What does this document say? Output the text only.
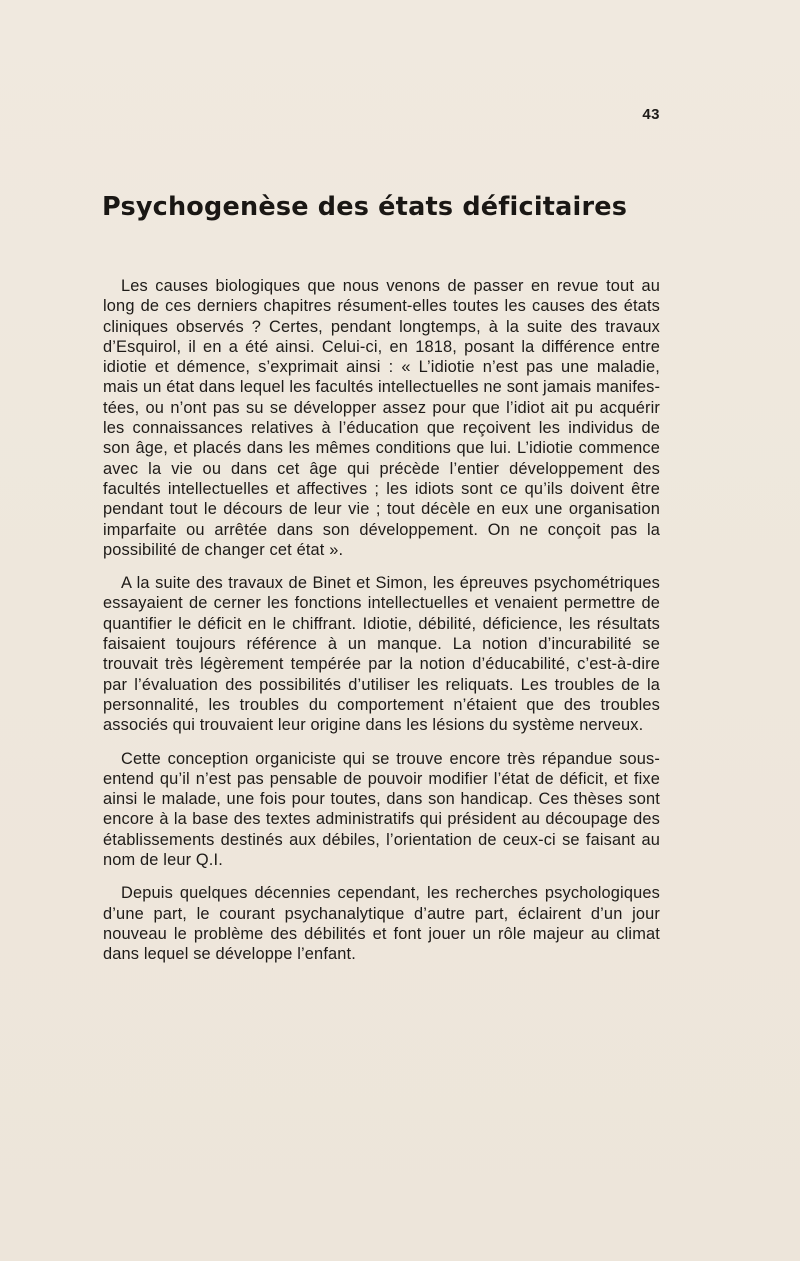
43
Psychogenèse des états déficitaires

Les causes biologiques que nous venons de passer en revue tout au long de ces derniers chapitres résument-elles toutes les causes des états cliniques observés ? Certes, pendant longtemps, à la suite des travaux d’Esquirol, il en a été ainsi. Celui-ci, en 1818, posant la différence entre idiotie et démence, s’exprimait ainsi : « L’idiotie n’est pas une maladie, mais un état dans lequel les facultés intellectuelles ne sont jamais manifestées, ou n’ont pas su se développer assez pour que l’idiot ait pu acquérir les connaissances relatives à l’éducation que reçoivent les individus de son âge, et placés dans les mêmes conditions que lui. L’idiotie commence avec la vie ou dans cet âge qui précède l’entier développement des facultés intellectuelles et affectives ; les idiots sont ce qu’ils doivent être pendant tout le décours de leur vie ; tout décèle en eux une organisation imparfaite ou arrêtée dans son développement. On ne conçoit pas la possibilité de changer cet état ».

A la suite des travaux de Binet et Simon, les épreuves psychométriques essayaient de cerner les fonctions intellectuelles et venaient permettre de quantifier le déficit en le chiffrant. Idiotie, débilité, déficience, les résultats faisaient toujours référence à un manque. La notion d’incurabilité se trouvait très légèrement tempérée par la notion d’éducabilité, c’est-à-dire par l’évaluation des possibilités d’utiliser les reliquats. Les troubles de la personnalité, les troubles du comportement n’étaient que des troubles associés qui trouvaient leur origine dans les lésions du système nerveux.

Cette conception organiciste qui se trouve encore très répandue sous-entend qu’il n’est pas pensable de pouvoir modifier l’état de déficit, et fixe ainsi le malade, une fois pour toutes, dans son handicap. Ces thèses sont encore à la base des textes administratifs qui président au découpage des établissements destinés aux débiles, l’orientation de ceux-ci se faisant au nom de leur Q.I.

Depuis quelques décennies cependant, les recherches psychologiques d’une part, le courant psychanalytique d’autre part, éclairent d’un jour nouveau le problème des débilités et font jouer un rôle majeur au climat dans lequel se développe l’enfant.
